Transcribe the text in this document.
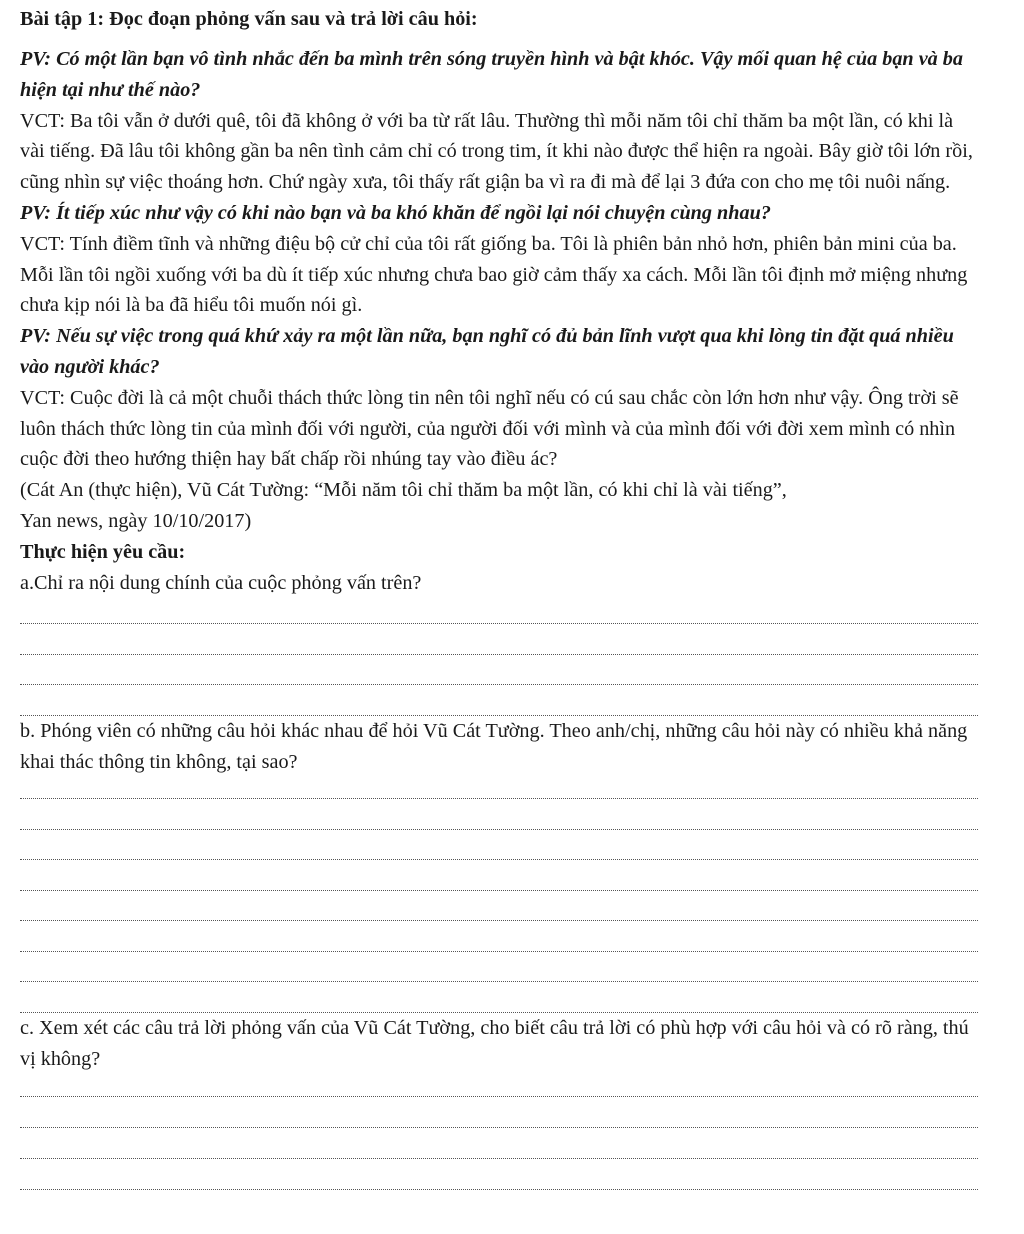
Bài tập 1: Đọc đoạn phỏng vấn sau và trả lời câu hỏi:

PV: Có một lần bạn vô tình nhắc đến ba mình trên sóng truyền hình và bật khóc. Vậy mối quan hệ của bạn và ba hiện tại như thế nào?

VCT: Ba tôi vẫn ở dưới quê, tôi đã không ở với ba từ rất lâu. Thường thì mỗi năm tôi chỉ thăm ba một lần, có khi là vài tiếng. Đã lâu tôi không gần ba nên tình cảm chỉ có trong tim, ít khi nào được thể hiện ra ngoài. Bây giờ tôi lớn rồi, cũng nhìn sự việc thoáng hơn. Chứ ngày xưa, tôi thấy rất giận ba vì ra đi mà để lại 3 đứa con cho mẹ tôi nuôi nấng.

PV: Ít tiếp xúc như vậy có khi nào bạn và ba khó khăn để ngồi lại nói chuyện cùng nhau?

VCT: Tính điềm tĩnh và những điệu bộ cử chỉ của tôi rất giống ba. Tôi là phiên bản nhỏ hơn, phiên bản mini của ba. Mỗi lần tôi ngồi xuống với ba dù ít tiếp xúc nhưng chưa bao giờ cảm thấy xa cách. Mỗi lần tôi định mở miệng nhưng chưa kịp nói là ba đã hiểu tôi muốn nói gì.

PV: Nếu sự việc trong quá khứ xảy ra một lần nữa, bạn nghĩ có đủ bản lĩnh vượt qua khi lòng tin đặt quá nhiều vào người khác?

VCT: Cuộc đời là cả một chuỗi thách thức lòng tin nên tôi nghĩ nếu có cú sau chắc còn lớn hơn như vậy. Ông trời sẽ luôn thách thức lòng tin của mình đối với người, của người đối với mình và của mình đối với đời xem mình có nhìn cuộc đời theo hướng thiện hay bất chấp rồi nhúng tay vào điều ác?

(Cát An (thực hiện), Vũ Cát Tường: “Mỗi năm tôi chỉ thăm ba một lần, có khi chỉ là vài tiếng”,

Yan news, ngày 10/10/2017)

Thực hiện yêu cầu:

a.Chỉ ra nội dung chính của cuộc phỏng vấn trên?

b. Phóng viên có những câu hỏi khác nhau để hỏi Vũ Cát Tường. Theo anh/chị, những câu hỏi này có nhiều khả năng khai thác thông tin không, tại sao?

c. Xem xét các câu trả lời phỏng vấn của Vũ Cát Tường, cho biết câu trả lời có phù hợp với câu hỏi và có rõ ràng, thú vị không?
